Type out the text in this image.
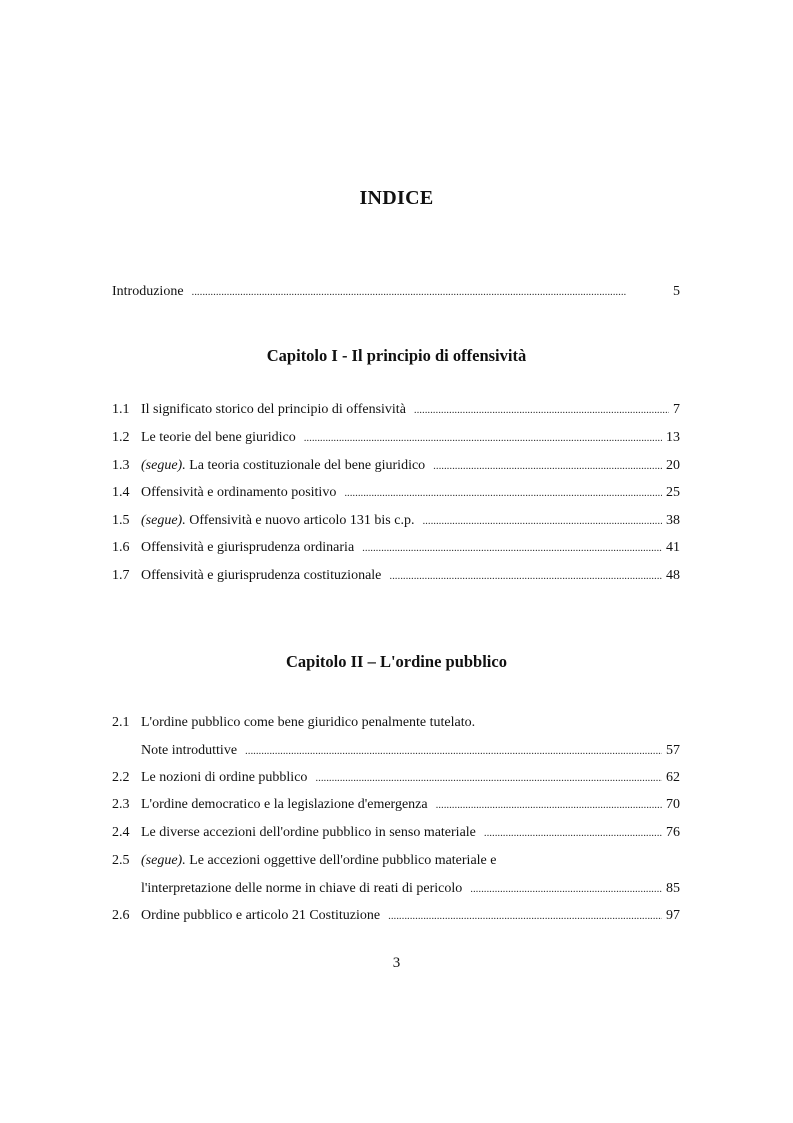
INDICE
Introduzione . . .	5
Capitolo I - Il principio di offensività
1.1 Il significato storico del principio di offensività . . .	7
1.2 Le teorie del bene giuridico . . .	13
1.3 (segue). La teoria costituzionale del bene giuridico . . .	20
1.4 Offensività e ordinamento positivo . . .	25
1.5 (segue). Offensività e nuovo articolo 131 bis c.p. . . .	38
1.6 Offensività e giurisprudenza ordinaria . . .	41
1.7 Offensività e giurisprudenza costituzionale . . .	48
Capitolo II – L'ordine pubblico
2.1 L'ordine pubblico come bene giuridico penalmente tutelato.
Note introduttive . . .	57
2.2 Le nozioni di ordine pubblico . . .	62
2.3 L'ordine democratico e la legislazione d'emergenza . . .	70
2.4 Le diverse accezioni dell'ordine pubblico in senso materiale . . .	76
2.5 (segue). Le accezioni oggettive dell'ordine pubblico materiale e
l'interpretazione delle norme in chiave di reati di pericolo . . .	85
2.6 Ordine pubblico e articolo 21 Costituzione . . .	97
3
